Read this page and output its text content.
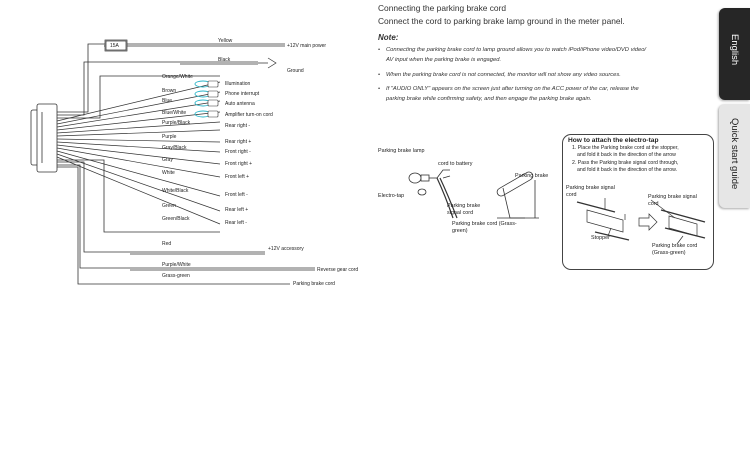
15A
Yellow
Black
Orange/White
Brown
Blue
Blue/White
Purple/Black
Purple
Gray/Black
Gray
White
White/Black
Green
Green/Black
Red
Purple/White
Grass-green
+12V main power
Ground
Illumination
Phone interrupt
Auto antenna
Amplifier turn-on cord
Rear right -
Rear right +
Front right -
Front right +
Front left +
Front left -
Rear left +
Rear left -
+12V accessory
Reverse gear cord
Parking brake cord
Connecting the parking brake cord
Connect the cord to parking brake lamp ground in the meter panel.
Note:
• Connecting the parking brake cord to lamp ground allows you to watch iPod/iPhone video/DVD video/
AV input when the parking brake is engaged.
• When the parking brake cord is not connected, the monitor will not show any video sources.
• If "AUDIO ONLY" appears on the screen just after turning on the ACC power of the car, release the
parking brake while confirming safety, and then engage the parking brake again.
English
Quick start guide
Parking brake lamp
cord to battery
Electro-tap
Parking brake
Parking brake
signal cord
Parking brake cord (Grass-
green)
How to attach the electro-tap
1. Place the Parking brake cord at the stopper,
and fold it back in the direction of the arrow
2. Pass the Parking brake signal cord through,
and fold it back in the direction of the arrow.
Parking brake signal
cord	Parking brake signal
cord
Stopper
Parking brake cord
(Grass-green)
